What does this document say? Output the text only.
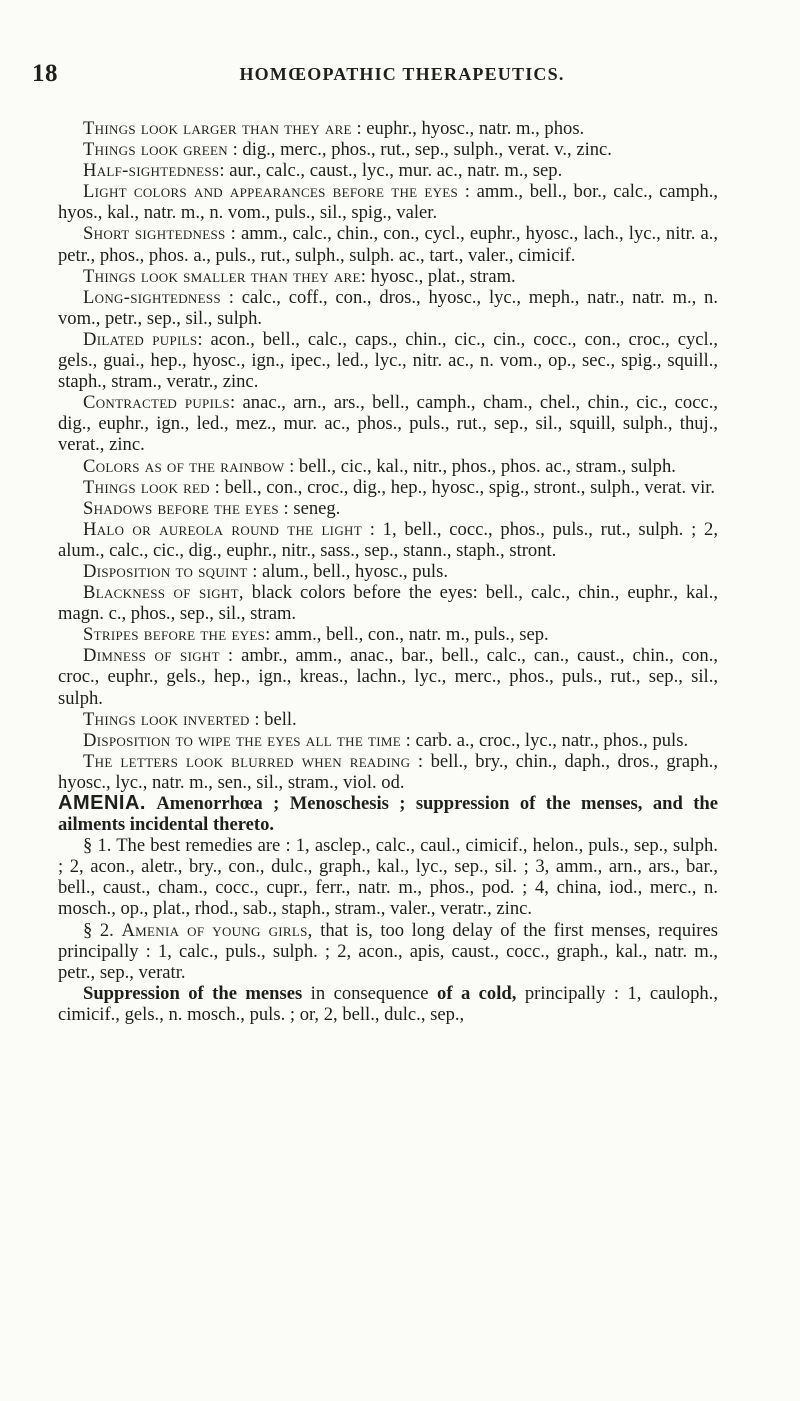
18	HOMŒOPATHIC THERAPEUTICS.

Things look larger than they are : euphr., hyosc., natr. m., phos.

Things look green : dig., merc., phos., rut., sep., sulph., verat. v., zinc.

Half-sightedness: aur., calc., caust., lyc., mur. ac., natr. m., sep.

Light colors and appearances before the eyes : amm., bell., bor., calc., camph., hyos., kal., natr. m., n. vom., puls., sil., spig., valer.

Short sightedness : amm., calc., chin., con., cycl., euphr., hyosc., lach., lyc., nitr. a., petr., phos., phos. a., puls., rut., sulph., sulph. ac., tart., valer., cimicif.

Things look smaller than they are: hyosc., plat., stram.

Long-sightedness : calc., coff., con., dros., hyosc., lyc., meph., natr., natr. m., n. vom., petr., sep., sil., sulph.

Dilated pupils: acon., bell., calc., caps., chin., cic., cin., cocc., con., croc., cycl., gels., guai., hep., hyosc., ign., ipec., led., lyc., nitr. ac., n. vom., op., sec., spig., squill., staph., stram., veratr., zinc.

Contracted pupils: anac., arn., ars., bell., camph., cham., chel., chin., cic., cocc., dig., euphr., ign., led., mez., mur. ac., phos., puls., rut., sep., sil., squill, sulph., thuj., verat., zinc.

Colors as of the rainbow : bell., cic., kal., nitr., phos., phos. ac., stram., sulph.

Things look red : bell., con., croc., dig., hep., hyosc., spig., stront., sulph., verat. vir.

Shadows before the eyes : seneg.

Halo or aureola round the light : 1, bell., cocc., phos., puls., rut., sulph. ; 2, alum., calc., cic., dig., euphr., nitr., sass., sep., stann., staph., stront.

Disposition to squint : alum., bell., hyosc., puls.

Blackness of sight, black colors before the eyes: bell., calc., chin., euphr., kal., magn. c., phos., sep., sil., stram.

Stripes before the eyes: amm., bell., con., natr. m., puls., sep.

Dimness of sight : ambr., amm., anac., bar., bell., calc., can., caust., chin., con., croc., euphr., gels., hep., ign., kreas., lachn., lyc., merc., phos., puls., rut., sep., sil., sulph.

Things look inverted : bell.

Disposition to wipe the eyes all the time : carb. a., croc., lyc., natr., phos., puls.

The letters look blurred when reading : bell., bry., chin., daph., dros., graph., hyosc., lyc., natr. m., sen., sil., stram., viol. od.

AMENIA. Amenorrhœa ; Menoschesis ; suppression of the menses, and the ailments incidental thereto.

§ 1. The best remedies are : 1, asclep., calc., caul., cimicif., helon., puls., sep., sulph. ; 2, acon., aletr., bry., con., dulc., graph., kal., lyc., sep., sil. ; 3, amm., arn., ars., bar., bell., caust., cham., cocc., cupr., ferr., natr. m., phos., pod. ; 4, china, iod., merc., n. mosch., op., plat., rhod., sab., staph., stram., valer., veratr., zinc.

§ 2. Amenia of young girls, that is, too long delay of the first menses, requires principally : 1, calc., puls., sulph. ; 2, acon., apis, caust., cocc., graph., kal., natr. m., petr., sep., veratr.

Suppression of the menses in consequence of a cold, principally : 1, cauloph., cimicif., gels., n. mosch., puls. ; or, 2, bell., dulc., sep.,
